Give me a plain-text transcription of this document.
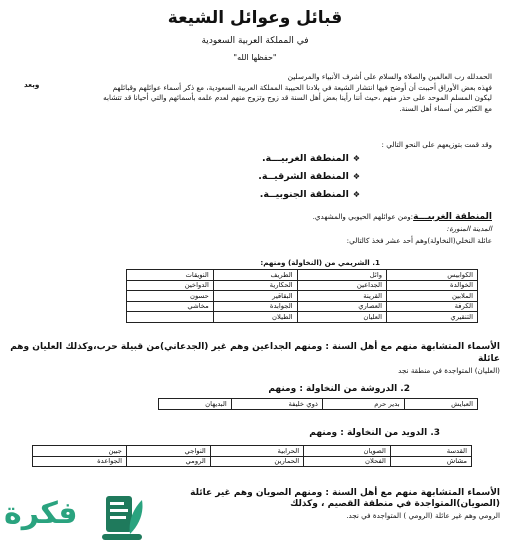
قبائل وعوائل الشيعة
في المملكة العربية السعودية
"حفظها الله"
الحمدلله رب العالمين والصلاة والسلام على أشرف الأنبياء والمرسلين
وبعد	فهذه بعض الأوراق أحببت أن أوضح فيها انتشار الشيعة في بلادنا الحبيبة المملكة العربية السعودية، مع ذكر أسماء عوائلهم وقبائلهم
ليكون المسلم الموحد على حذر منهم ،حيث أننا رأينا بعض أهل السنة قد زوج وتزوج منهم لعدم علمه بأسمائهم والتي أحيانا قد تتشابه
مع الكثير من أسماء أهل السنة.
وقد قمت بتوزيعهم على النحو التالي :
❖المنطقة الغربيـــة.
❖المنطقة الشرقيــة.
❖المنطقة الجنوبيــة.
المنطقة الغربيـــة:ومن عوائلهم الحيوبي والمشهدي.
المدينة المنورة:
عائلة النخلي(النخاولة)وهم أحد عشر فخذ كالتالي:
1. الشريمي من (النخاولة) ومنهم:
الكوابيس	وائل	الطريف	النويقات
الخوالدة	الجداعين	الحكارية	الدواخين
الملابين	القرينة	البقاقير	حسون
الكرفة	العصاري	الجوابدة	مخاشي
التنقيري	العليان	الطيلان	
الأسماء المتشابهة منهم مع أهل السنة : ومنهم الجداعين وهم غير (الجدعاني)من قبيلة حرب،وكذلك العليان وهم عائلة
(العليان) المتواجدة في منطقة نجد
2. الدروشة من النخاولة : ومنهم
العبايش	بدير حرم	ذوي خليفة	البديهان
3. الدويد من النخاولة : ومنهم
القدسة	الصويان	الحرابية	النواجي	جبين
مشاش	الفحلان	الحمارين	الرومي	الجواعدة
الأسماء المتشابهة منهم مع أهل السنة : ومنهم الصويان وهم غير عائلة (الصويان)المتواجدة في منطقة القصيم ، وكذلك
الرومي وهم غير عائلة (الرومي ) المتواجدة في نجد.
فكرة
